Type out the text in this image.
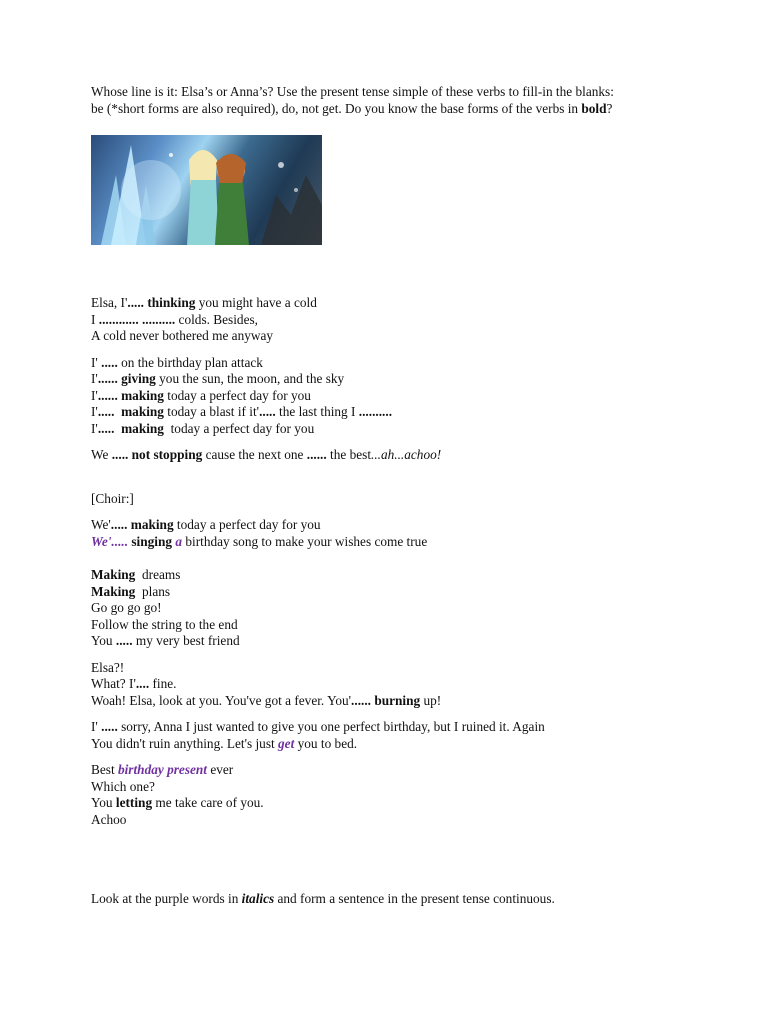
Whose line is it: Elsa’s or Anna’s? Use the present tense simple of these verbs to fill-in the blanks:

be (*short forms are also required), do, not get. Do you know the base forms of the verbs in bold?

Elsa, I'..... thinking you might have a cold

I ............ .......... colds. Besides,

A cold never bothered me anyway

I' ..... on the birthday plan attack

I'...... giving you the sun, the moon, and the sky

I'...... making today a perfect day for you

I'.....  making today a blast if it'..... the last thing I ..........

I'.....  making  today a perfect day for you

We ..... not stopping cause the next one ...... the best...ah...achoo!

[Choir:]

We'..... making today a perfect day for you

We'..... singing a birthday song to make your wishes come true

Making  dreams

Making  plans

Go go go go!

Follow the string to the end

You ..... my very best friend

Elsa?!

What? I'.... fine.

Woah! Elsa, look at you. You've got a fever. You'...... burning up!

I' ..... sorry, Anna I just wanted to give you one perfect birthday, but I ruined it. Again

You didn't ruin anything. Let's just get you to bed.

Best birthday present ever

Which one?

You letting me take care of you.

Achoo

Look at the purple words in italics and form a sentence in the present tense continuous.
